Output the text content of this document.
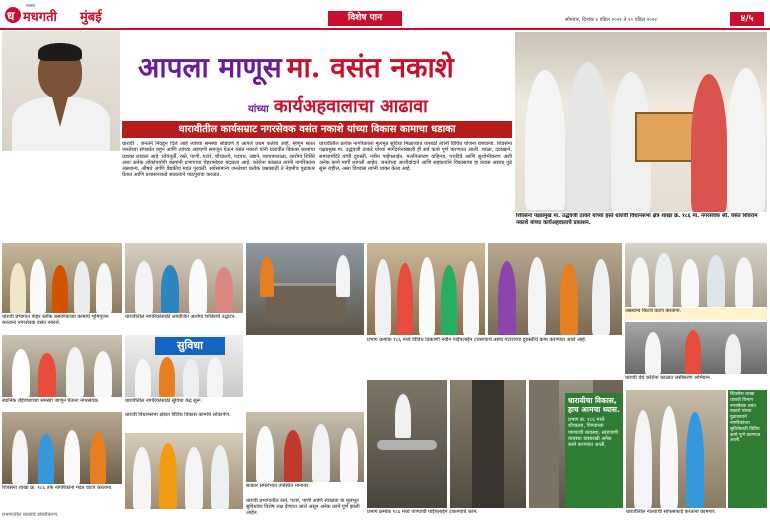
सामना
ध मधगती मुंबई	विशेष पान	सोमवार, दिनांक ४ एप्रिल २०२२ ते १० एप्रिल २०२२	४/५
आपला माणूस मा. वसंत नकाशे
यांच्या कार्यअहवालाचा आढावा
धारावीतील कार्यसम्राट नगरसेवक वसंत नकाशे यांच्या विकास कामाचा धडाका
धारावी : जनतेने निवडून दिले आहे त्यांच्या समस्या सोडवणे हे आपले प्रथम कर्तव्य आहे. म्हणून सतत जनतेच्या संपर्कात राहून आणि त्यांच्या अडचणी समजून घेऊन वसंत नकाशे यांनी धारावीत विकास कामांचा धडाका लावला आहे. ध्येयपूर्ती, रस्ते, पाणी, गटारे, शौचालये, पदपथ, उद्याने, व्यायामशाळा, आरोग्य शिबिरे अशा अनेक लोकोपयोगी कामांनी प्रभागाचा चेहरामोहरा बदलला आहे. कोरोना काळात त्यांनी नागरिकांना अन्नधान्य, औषधे आणि वैद्यकीय मदत पुरवली. सर्वसामान्य जनतेच्या प्रत्येक प्रश्नासाठी ते नेहमीच पुढाकार घेतात आणि प्रशासनाकडे सातत्याने पाठपुरावा करतात.
धारावीतील प्रत्येक नागरिकाला मूलभूत सुविधा मिळाव्यात यासाठी त्यांनी विविध योजना राबवल्या. शिवसेना पक्षप्रमुख मा. उद्धवजी ठाकरे यांच्या मार्गदर्शनाखाली ही सर्व कामे पूर्ण करण्यात आली. शाळा, दवाखाने, समाजमंदिरे यांची दुरुस्ती, नवीन पाईपलाईन, मलनिःसारण वाहिन्या, पथदिवे आणि सुशोभीकरण अशी अनेक कामे मार्गी लागली आहेत. जनतेच्या आशीर्वादाने आणि सहकार्याने विकासाचा हा प्रवास असाच पुढे सुरू राहील, असा विश्वास त्यांनी व्यक्त केला आहे.
शिवसेना पक्षप्रमुख मा. उद्धवजी ठाकरे यांच्या हस्ते धारावी विधानसभा क्षेत्र शाखा क्र. १८६ मा. नगरसेवक श्री. वसंत शिवराम नकाशे यांच्या कार्यअहवालाचे प्रकाशन.
धारावी प्रभागात पेव्हर ब्लॉक बसवण्याच्या कामाचे भूमिपूजन करताना नगरसेवक वसंत नकाशे.
धारावीतील नागरिकांसाठी आयोजित आरोग्य शिबिराचे उद्घाटन.
अन्नधान्य किटचे वाटप करताना.
स्थानिक रहिवाशांच्या समस्या जाणून घेताना नगरसेवक.
सुविधा
धारावीतील नागरिकांसाठी सुविधा केंद्र सुरू.
प्रभाग क्रमांक १८६ मध्ये विविध ठिकाणी नवीन पाईपलाईन टाकण्याचे तसेच गटारांच्या दुरुस्तीचे काम करण्यात आले आहे.
धारावी येथे कोरोना काळात लसीकरण अभियान.
शिवसेना शाखा क्र. १८६ तर्फे नागरिकांना मदत वाटप करताना.
धारावी विधानसभा क्षेत्रात विविध विकास कामांचे लोकार्पण.
सत्कार समारंभात उपस्थित मान्यवर.
प्रभाग क्रमांक १८६ मध्ये पाण्याची पाईपलाईन टाकण्याचे काम.
धारावीचा विकास, हाच आमचा ध्यास.
प्रभाग क्र. १८६ मध्ये शौचालय, पिण्याच्या पाण्याची व्यवस्था, सांडपाणी व्यवस्था यासारखी अनेक कामे करण्यात आली.
शिवसेना शाखा धारावी विभाग नगरसेवक वसंत नकाशे यांच्या पुढाकाराने नागरिकांच्या सुविधेसाठी विविध कामे पूर्ण करण्यात आली.
धारावीतील नाल्याची साफसफाई करताना कामगार.
धारावी प्रभागातील रस्ते, गटारे, पाणी आणि स्वच्छता या मूलभूत सुविधांवर विशेष लक्ष देण्यात आले असून अनेक कामे पूर्ण झाली आहेत.
प्रभागातील रस्त्यांचे डांबरीकरण.
